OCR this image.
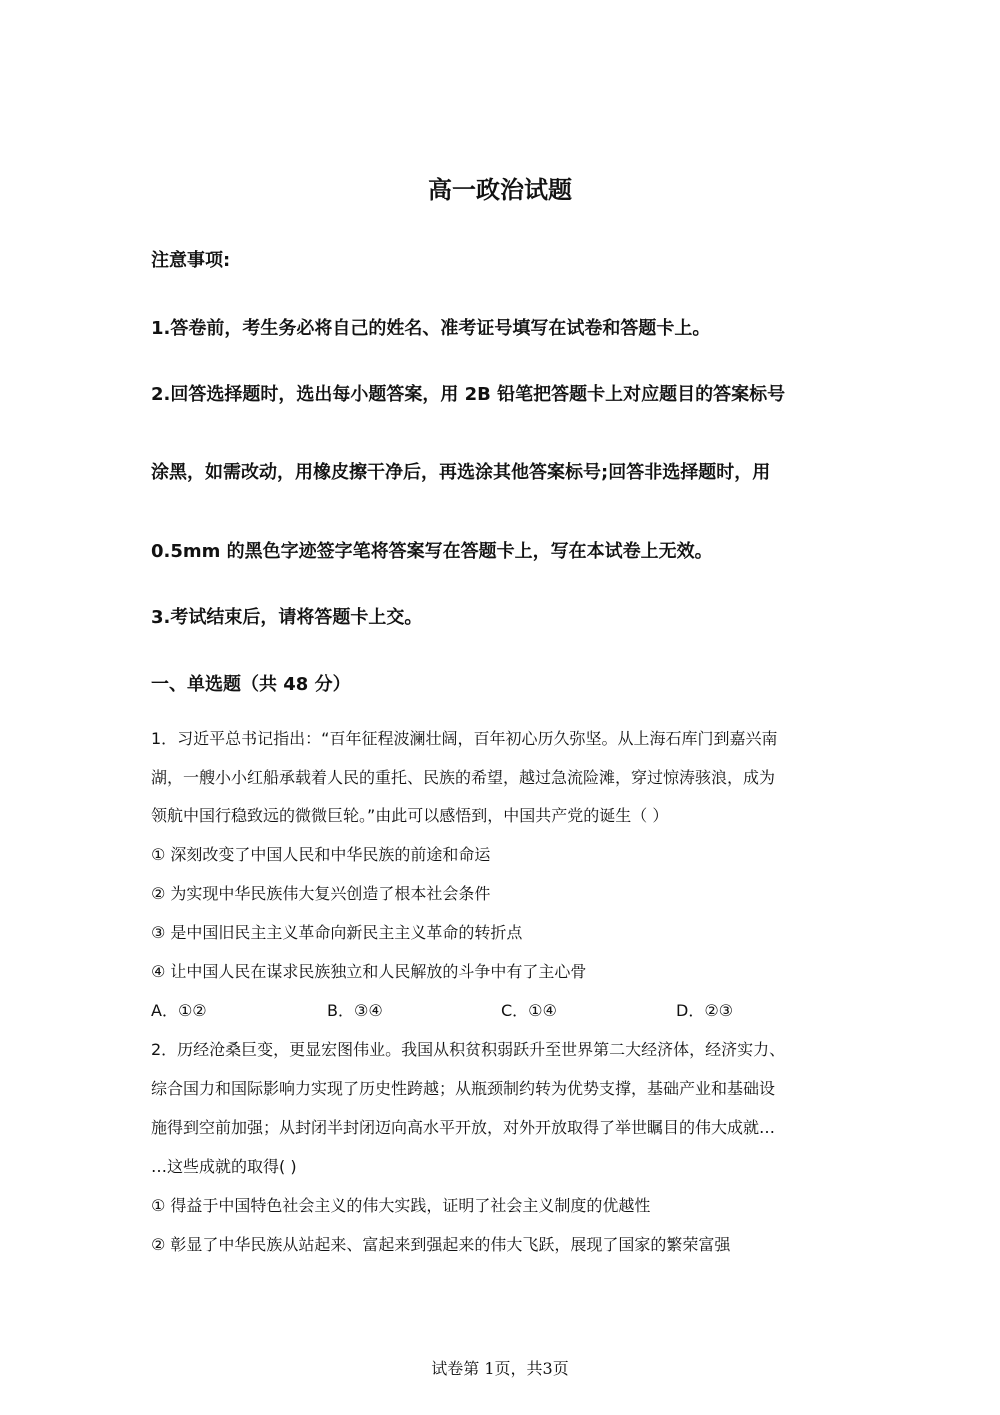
高一政治试题
注意事项:
1.答卷前，考生务必将自己的姓名、准考证号填写在试卷和答题卡上。
2.回答选择题时，选出每小题答案，用 2B 铅笔把答题卡上对应题目的答案标号
涂黑，如需改动，用橡皮擦干净后，再选涂其他答案标号;回答非选择题时，用
0.5mm 的黑色字迹签字笔将答案写在答题卡上，写在本试卷上无效。
3.考试结束后，请将答题卡上交。
一、单选题（共 48 分）
1．习近平总书记指出：“百年征程波澜壮阔，百年初心历久弥坚。从上海石库门到嘉兴南
湖，一艘小小红船承载着人民的重托、民族的希望，越过急流险滩，穿过惊涛骇浪，成为
领航中国行稳致远的微微巨轮。”由此可以感悟到，中国共产党的诞生（ ）
① 深刻改变了中国人民和中华民族的前途和命运
② 为实现中华民族伟大复兴创造了根本社会条件
③ 是中国旧民主主义革命向新民主主义革命的转折点
④ 让中国人民在谋求民族独立和人民解放的斗争中有了主心骨
A．①②	B．③④	C．①④	D．②③
2．历经沧桑巨变，更显宏图伟业。我国从积贫积弱跃升至世界第二大经济体，经济实力、
综合国力和国际影响力实现了历史性跨越；从瓶颈制约转为优势支撑，基础产业和基础设
施得到空前加强；从封闭半封闭迈向高水平开放，对外开放取得了举世瞩目的伟大成就…
…这些成就的取得( )
① 得益于中国特色社会主义的伟大实践，证明了社会主义制度的优越性
② 彰显了中华民族从站起来、富起来到强起来的伟大飞跃，展现了国家的繁荣富强
试卷第 1页，共3页
